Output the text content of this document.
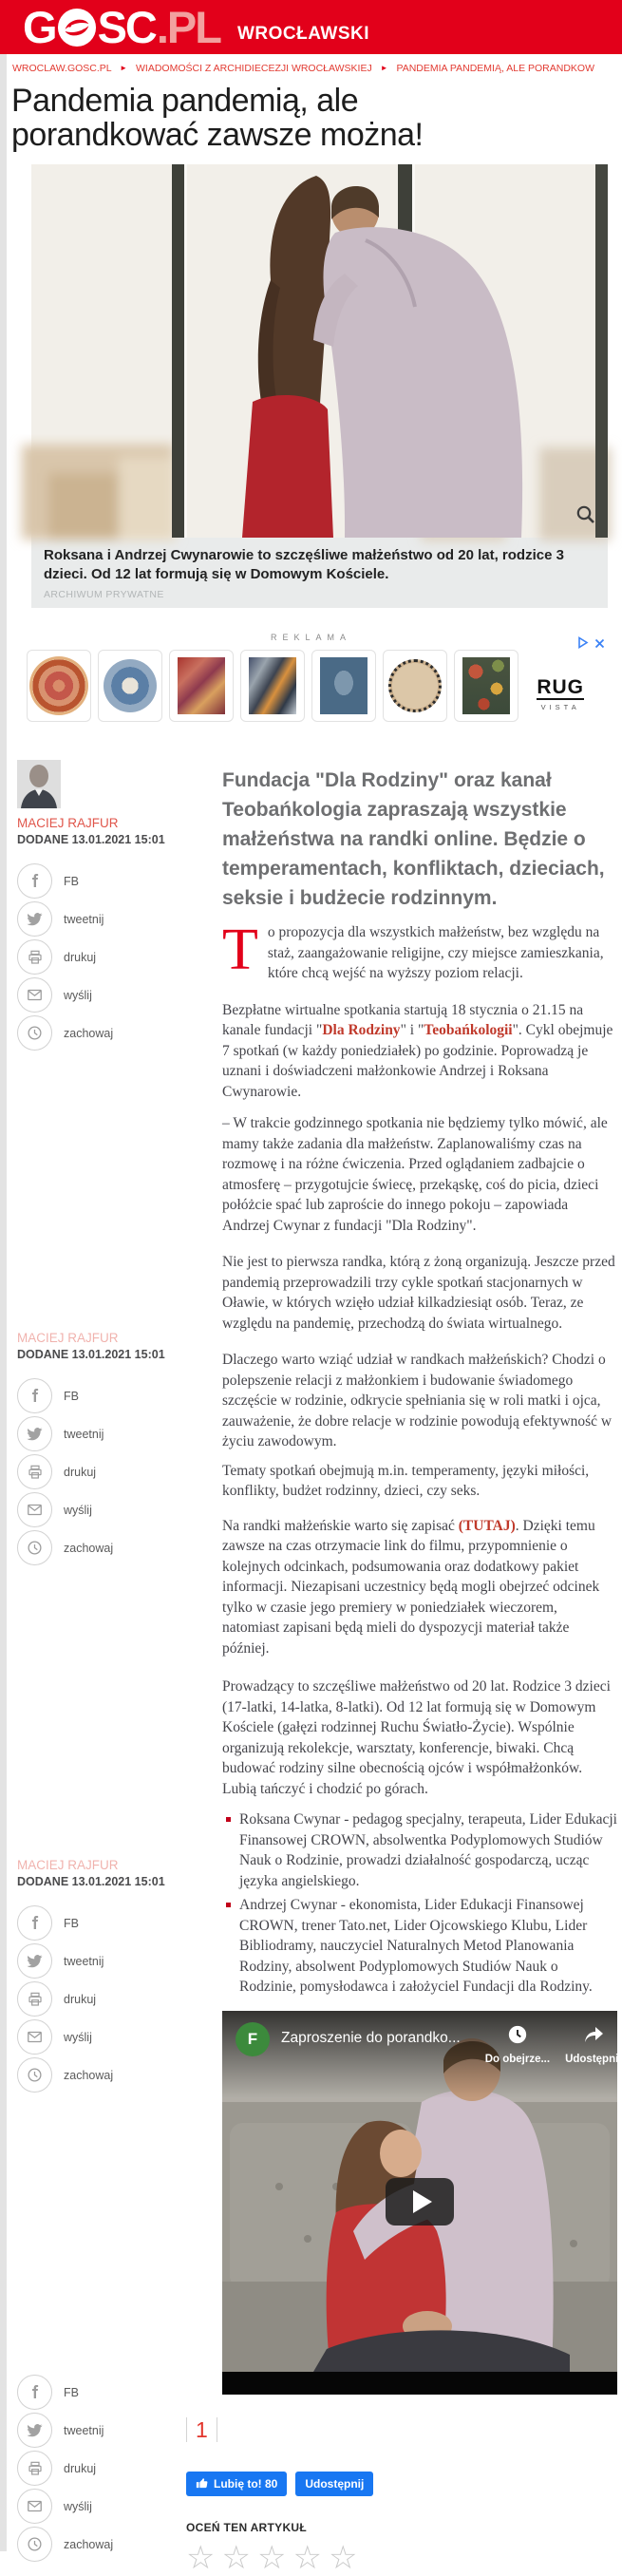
G SC .PL WROCŁAWSKI
WROCLAW.GOSC.PL ► WIADOMOŚCI Z ARCHIDIECEZJI WROCŁAWSKIEJ ► PANDEMIA PANDEMIĄ, ALE PORANDKOW
Pandemia pandemią, ale porandkować zawsze można!
Roksana i Andrzej Cwynarowie to szczęśliwe małżeństwo od 20 lat, rodzice 3 dzieci. Od 12 lat formują się w Domowym Kościele.
ARCHIWUM PRYWATNE
REKLAMA
RUG
VISTA
MACIEJ RAJFUR
DODANE 13.01.2021 15:01
FB
tweetnij
drukuj
wyślij
zachowaj
MACIEJ RAJFUR
DODANE 13.01.2021 15:01
FB
tweetnij
drukuj
wyślij
zachowaj
MACIEJ RAJFUR
DODANE 13.01.2021 15:01
FB
tweetnij
drukuj
wyślij
zachowaj
FB
tweetnij
drukuj
wyślij
zachowaj

Fundacja "Dla Rodziny" oraz kanał Teobańkologia zapraszają wszystkie małżeństwa na randki online. Będzie o temperamentach, konfliktach, dzieciach, seksie i budżecie rodzinnym.

To propozycja dla wszystkich małżeństw, bez względu na staż, zaangażowanie religijne, czy miejsce zamieszkania, które chcą wejść na wyższy poziom relacji.

Bezpłatne wirtualne spotkania startują 18 stycznia o 21.15 na kanale fundacji "Dla Rodziny" i "Teobańkologii". Cykl obejmuje 7 spotkań (w każdy poniedziałek) po godzinie. Poprowadzą je uznani i doświadczeni małżonkowie Andrzej i Roksana Cwynarowie.

– W trakcie godzinnego spotkania nie będziemy tylko mówić, ale mamy także zadania dla małżeństw. Zaplanowaliśmy czas na rozmowę i na różne ćwiczenia. Przed oglądaniem zadbajcie o atmosferę – przygotujcie świecę, przekąskę, coś do picia, dzieci połóżcie spać lub zaproście do innego pokoju – zapowiada Andrzej Cwynar z fundacji "Dla Rodziny".

Nie jest to pierwsza randka, którą z żoną organizują. Jeszcze przed pandemią przeprowadzili trzy cykle spotkań stacjonarnych w Oławie, w których wzięło udział kilkadziesiąt osób. Teraz, ze względu na pandemię, przechodzą do świata wirtualnego.

Dlaczego warto wziąć udział w randkach małżeńskich? Chodzi o polepszenie relacji z małżonkiem i budowanie świadomego szczęście w rodzinie, odkrycie spełniania się w roli matki i ojca, zauważenie, że dobre relacje w rodzinie powodują efektywność w życiu zawodowym.

Tematy spotkań obejmują m.in. temperamenty, języki miłości, konflikty, budżet rodzinny, dzieci, czy seks.

Na randki małżeńskie warto się zapisać (TUTAJ). Dzięki temu zawsze na czas otrzymacie link do filmu, przypomnienie o kolejnych odcinkach, podsumowania oraz dodatkowy pakiet informacji. Niezapisani uczestnicy będą mogli obejrzeć odcinek tylko w czasie jego premiery w poniedziałek wieczorem, natomiast zapisani będą mieli do dyspozycji materiał także później.

Prowadzący to szczęśliwe małżeństwo od 20 lat. Rodzice 3 dzieci (17-latki, 14-latka, 8-latki). Od 12 lat formują się w Domowym Kościele (gałęzi rodzinnej Ruchu Światło-Życie). Wspólnie organizują rekolekcje, warsztaty, konferencje, biwaki. Chcą budować rodziny silne obecnością ojców i współmałżonków. Lubią tańczyć i chodzić po górach.

Roksana Cwynar - pedagog specjalny, terapeuta, Lider Edukacji Finansowej CROWN, absolwentka Podyplomowych Studiów Nauk o Rodzinie, prowadzi działalność gospodarczą, ucząc języka angielskiego.
Andrzej Cwynar - ekonomista, Lider Edukacji Finansowej CROWN, trener Tato.net, Lider Ojcowskiego Klubu, Lider Bibliodramy, nauczyciel Naturalnych Metod Planowania Rodziny, absolwent Podyplomowych Studiów Nauk o Rodzinie, pomysłodawca i założyciel Fundacji dla Rodziny.
F	Zaproszenie do porandko...
Do obejrze... Udostępnij
1
Lubię to! 80 Udostępnij
OCEŃ TEN ARTYKUŁ
☆☆☆☆☆
